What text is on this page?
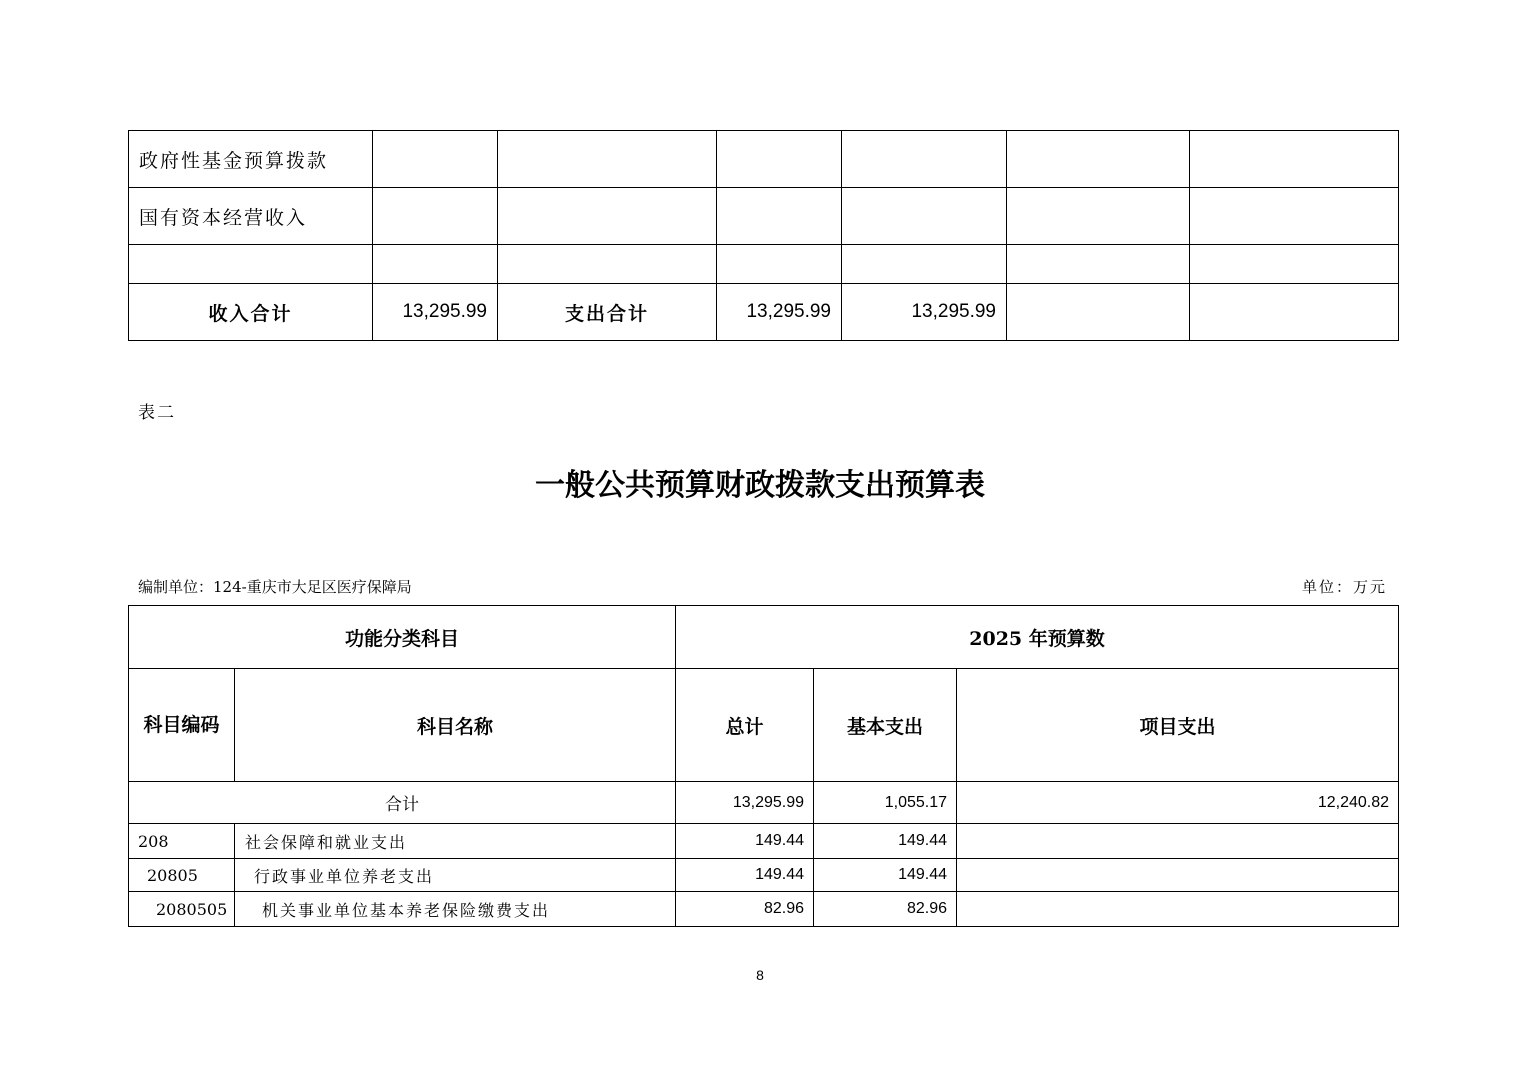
政府性基金预算拨款						
国有资本经营收入						

收入合计	13,295.99	支出合计	13,295.99	13,295.99		
表二
一般公共预算财政拨款支出预算表
编制单位：124-重庆市大足区医疗保障局	单位：万元
功能分类科目		2025 年预算数		
科目编码	科目名称	总计	基本支出	项目支出
合计		13,295.99	1,055.17	12,240.82
208	社会保障和就业支出	149.44	149.44	
20805	行政事业单位养老支出	149.44	149.44	
2080505	机关事业单位基本养老保险缴费支出	82.96	82.96	
8
